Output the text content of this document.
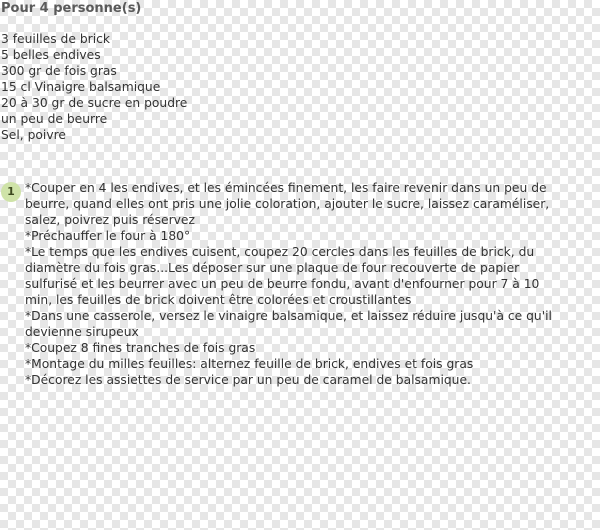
Pour 4 personne(s)
3 feuilles de brick
5 belles endives
300 gr de fois gras
15 cl Vinaigre balsamique
20 à 30 gr de sucre en poudre
un peu de beurre
Sel, poivre
1 *Couper en 4 les endives, et les émincées finement, les faire revenir dans un peu de
beurre, quand elles ont pris une jolie coloration, ajouter le sucre, laissez caraméliser,
salez, poivrez puis réservez
*Préchauffer le four à 180°
*Le temps que les endives cuisent, coupez 20 cercles dans les feuilles de brick, du
diamètre du fois gras...Les déposer sur une plaque de four recouverte de papier
sulfurisé et les beurrer avec un peu de beurre fondu, avant d'enfourner pour 7 à 10
min, les feuilles de brick doivent être colorées et croustillantes
*Dans une casserole, versez le vinaigre balsamique, et laissez réduire jusqu'à ce qu'il
devienne sirupeux
*Coupez 8 fines tranches de fois gras
*Montage du milles feuilles: alternez feuille de brick, endives et fois gras
*Décorez les assiettes de service par un peu de caramel de balsamique.
